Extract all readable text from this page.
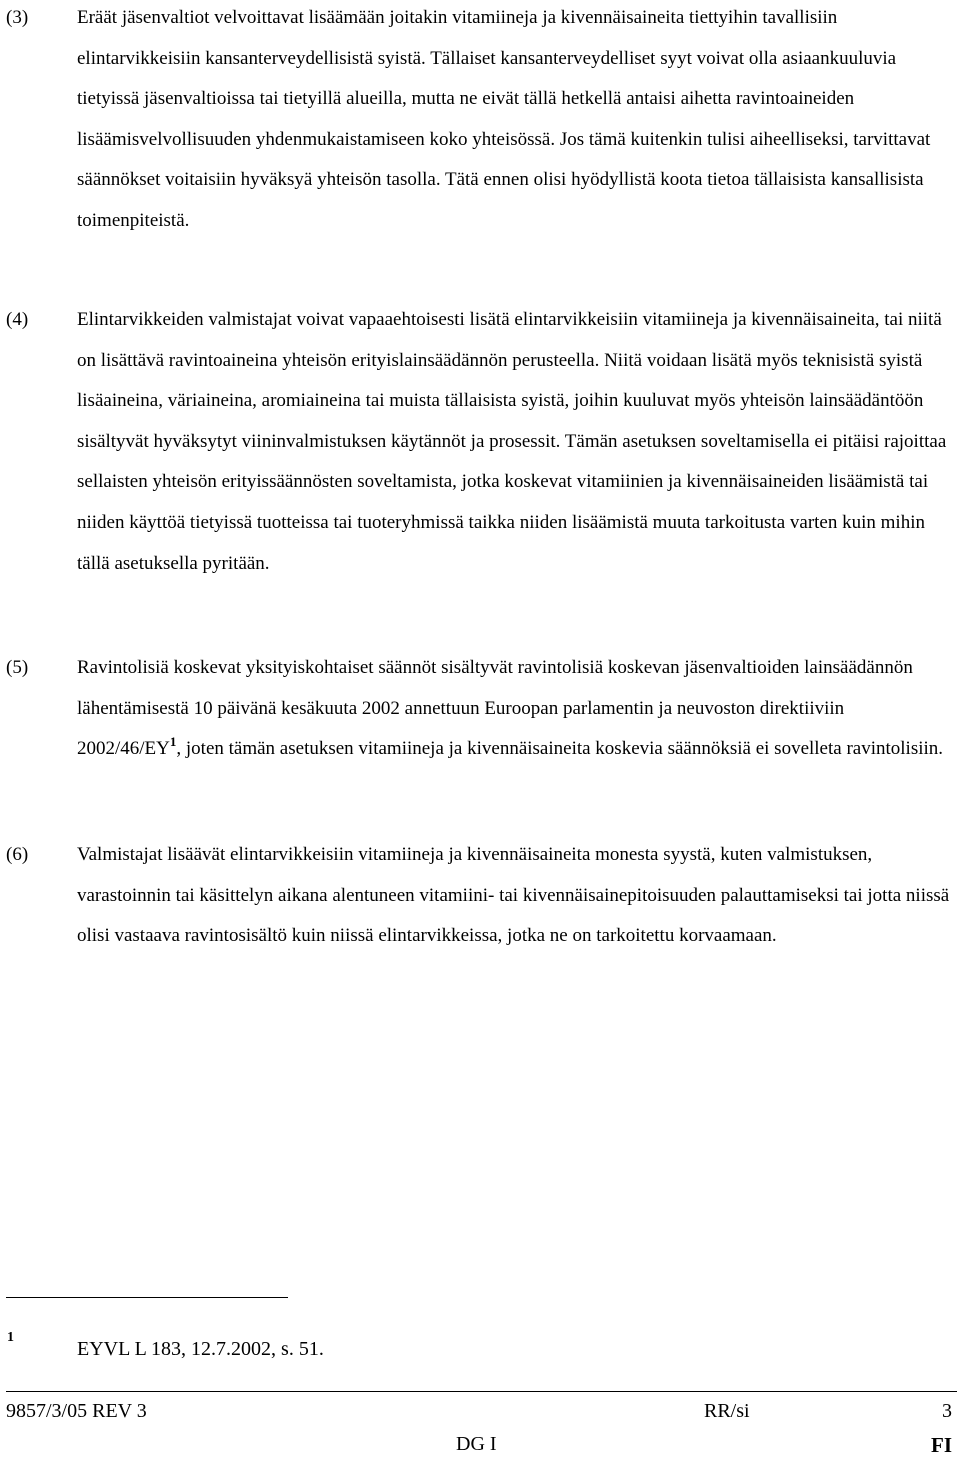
(3)	Eräät jäsenvaltiot velvoittavat lisäämään joitakin vitamiineja ja kivennäisaineita tiettyihin tavallisiin elintarvikkeisiin kansanterveydellisistä syistä. Tällaiset kansanterveydelliset syyt voivat olla asiaankuuluvia tietyissä jäsenvaltioissa tai tietyillä alueilla, mutta ne eivät tällä hetkellä antaisi aihetta ravintoaineiden lisäämisvelvollisuuden yhdenmukaistamiseen koko yhteisössä. Jos tämä kuitenkin tulisi aiheelliseksi, tarvittavat säännökset voitaisiin hyväksyä yhteisön tasolla. Tätä ennen olisi hyödyllistä koota tietoa tällaisista kansallisista toimenpiteistä.
(4)	Elintarvikkeiden valmistajat voivat vapaaehtoisesti lisätä elintarvikkeisiin vitamiineja ja kivennäisaineita, tai niitä on lisättävä ravintoaineina yhteisön erityislainsäädännön perusteella. Niitä voidaan lisätä myös teknisistä syistä lisäaineina, väriaineina, aromiaineina tai muista tällaisista syistä, joihin kuuluvat myös yhteisön lainsäädäntöön sisältyvät hyväksytyt viininvalmistuksen käytännöt ja prosessit. Tämän asetuksen soveltamisella ei pitäisi rajoittaa sellaisten yhteisön erityissäännösten soveltamista, jotka koskevat vitamiinien ja kivennäisaineiden lisäämistä tai niiden käyttöä tietyissä tuotteissa tai tuoteryhmissä taikka niiden lisäämistä muuta tarkoitusta varten kuin mihin tällä asetuksella pyritään.
(5)	Ravintolisiä koskevat yksityiskohtaiset säännöt sisältyvät ravintolisiä koskevan jäsenvaltioiden lainsäädännön lähentämisestä 10 päivänä kesäkuuta 2002 annettuun Euroopan parlamentin ja neuvoston direktiiviin $2002/46/EY^1$, joten tämän asetuksen vitamiineja ja kivennäisaineita koskevia säännöksiä ei sovelleta ravintolisiin.
(6)	Valmistajat lisäävät elintarvikkeisiin vitamiineja ja kivennäisaineita monesta syystä, kuten valmistuksen, varastoinnin tai käsittelyn aikana alentuneen vitamiini- tai kivennäisainepitoisuuden palauttamiseksi tai jotta niissä olisi vastaava ravintosisältö kuin niissä elintarvikkeissa, jotka ne on tarkoitettu korvaamaan.
1
EYVL L 183, 12.7.2002, s. 51.
9857/3/05 REV 3	RR/si	3
DG I	FI
